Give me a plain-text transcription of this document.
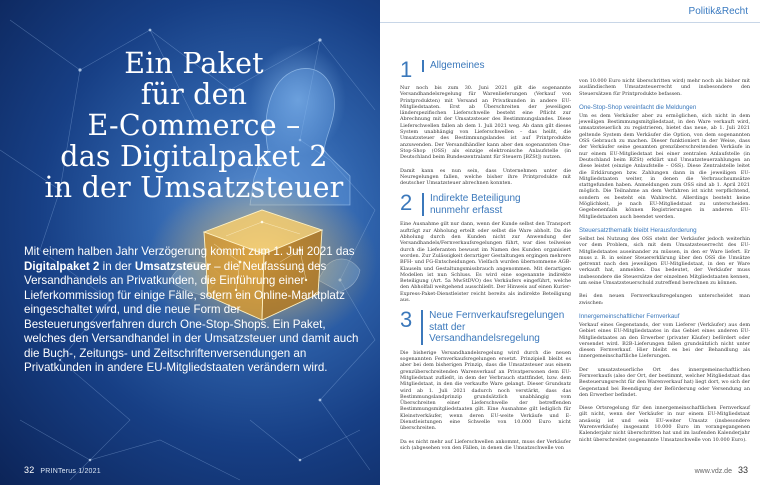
Ein Paket
für den
E-Commerce –
das Digitalpaket 2
in der Umsatzsteuer
Mit einem halben Jahr Verzögerung kommt zum 1. Juli 2021 das Digitalpaket 2 in der Umsatzsteuer – die Neufassung des Versandhandels an Privatkunden, die Einführung einer Lieferkommission für einige Fälle, sofern ein Online-Marktplatz eingeschaltet wird, und die neue Form der Besteuerungsverfahren durch One-Stop-Shops. Ein Paket, welches den Versandhandel in der Umsatzsteuer und damit auch die Buch-, Zeitungs- und Zeitschriftenversendungen an Privatkunden in andere EU-Mitgliedstaaten verändern wird.
32 PRINTerus 1/2021
Politik&Recht
1	Allgemeines

Nur noch bis zum 30. Juni 2021 gilt die sogenannte Versandhandelsregelung für Warenlieferungen (Verkauf von Printprodukten) mit Versand an Privatkunden in andere EU-Mitgliedstaaten. Erst ab Überschreiten der jeweiligen länderspezifischen Lieferschwelle besteht eine Pflicht zur Abrechnung mit der Umsatzsteuer des Bestimmungslandes. Diese Lieferschwellen fallen ab dem 1. Juli 2021 weg. Ab dann gilt dieses System unabhängig von Lieferschwellen – das heißt, die Umsatzsteuer des Bestimmungslandes ist auf Printprodukte anzuwenden. Der Versandhändler kann aber den sogenannten One-Stop-Shop (OSS) als einzige elektronische Anlaufstelle (in Deutschland beim Bundeszentralamt für Steuern [BZSt]) nutzen.

Damit kann es nun sein, dass Unternehmen unter die Neuregelungen fallen, welche bisher ihre Printprodukte mit deutscher Umsatzsteuer abrechnen konnten.

2	Indirekte Beteiligung
nunmehr erfasst

Eine Ausnahme gilt nur dann, wenn der Kunde selbst den Transport aufträgt zur Abholung erteilt oder selbst die Ware abholt. Da die Abholung durch den Kunden nicht zur Anwendung der Versandhandels/Fernverkaufsregelungen führt, war dies teilweise durch die Lieferanten bewusst im Namen des Kunden organisiert worden. Zur Zulässigkeit derartiger Gestaltungen ergingen mehrere BFH- und FG-Entscheidungen. Vielfach wurden übernommene AGB-Klauseln und Gestaltungsmissbrauch angenommen. Mit derartigen Modellen ist nun Schluss. Es wird eine sogenannte indirekte Beteiligung (Art. 5a MwStDVO) des Verkäufers eingeführt, welche den Abholfall weitgehend ausschließt. Der Hinweis auf einen Kurier-Express-Paket-Dienstleister reicht bereits als indirekte Beteiligung aus.

3	Neue Fernverkaufsregelungen
statt der Versandhandelsregelung

Die bisherige Versandhandelsregelung wird durch die neuen sogenannten Fernverkaufsregelungen ersetzt. Prinzipiell bleibt es aber bei dem bisherigen Prinzip, dass die Umsatzsteuer aus einem grenzüberschreitenden Warenverkauf an Privatpersonen dem EU-Mitgliedstaat zufließt, in dem der Verbrauch stattfindet, bzw. dem Mitgliedstaat, in den die verkaufte Ware gelangt. Dieser Grundsatz wird ab 1. Juli 2021 dadurch noch verstärkt, dass das Bestimmungslandprinzip grundsätzlich unabhängig vom Überschreiten einer Lieferschwelle der betreffenden Bestimmungsmitgliedstaaten gilt. Eine Ausnahme gilt lediglich für Kleinstverkäufer, wenn deren EU-weite Verkäufe und E-Dienstleistungen eine Schwelle von 10.000 Euro nicht überschreiten.

Da es nicht mehr auf Lieferschwellen ankommt, muss der Verkäufer sich (abgesehen von den Fällen, in denen die Umsatzschwelle von

von 10.000 Euro nicht überschritten wird) mehr noch als bisher mit ausländischem Umsatzsteuerrecht und insbesondere den Steuersätzen für Printprodukte befassen.

One-Stop-Shop vereinfacht die Meldungen

Um es dem Verkäufer aber zu ermöglichen, sich nicht in dem jeweiligen Bestimmungsmitgliedstaat, in den Ware verkauft wird, umsatzsteuerlich zu registrieren, bietet das neue, ab 1. Juli 2021 geltende System dem Verkäufer die Option, von dem sogenannten OSS Gebrauch zu machen. Dieser funktioniert in der Weise, dass der Verkäufer seine gesamten grenzüberschreitenden Verkäufe in nur einem EU-Mitgliedstaat bei einer zentralen Anlaufstelle (in Deutschland beim BZSt) erklärt und Umsatzsteuerzahlungen an diese leistet (einzige Anlaufstelle – OSS). Diese Zentralstelle leitet die Erklärungen bzw. Zahlungen dann in die jeweiligen EU-Mitgliedstaaten weiter, in denen die Verbrauchsumsätze stattgefunden haben. Anmeldungen zum OSS sind ab 1. April 2021 möglich. Die Teilnahme an dem Verfahren ist nicht verpflichtend, sondern es besteht ein Wahlrecht. Allerdings besteht keine Möglichkeit, je nach EU-Mitgliedstaat zu unterscheiden. Gegebenenfalls können Registrierungen in anderen EU-Mitgliedstaaten auch beendet werden.

Steuersatzthematik bleibt Herausforderung

Selbst bei Nutzung des OSS steht der Verkäufer jedoch weiterhin vor dem Problem, sich mit dem Umsatzsteuerrecht des EU-Mitgliedstaates auseinander zu müssen, in den er Ware liefert. Er muss z. B. in seiner Steuererklärung über den OSS die Umsätze getrennt nach den jeweiligen EU-Mitgliedstaat, in den er Ware verkauft hat, anmelden. Das bedeutet, der Verkäufer muss insbesondere die Steuersätze der einzelnen Mitgliedstaaten kennen, um seine Umsatzsteuerschuld zutreffend berechnen zu können.

Bei den neuen Fernverkaufsregelungen unterscheidet man zwischen:

Innergemeinschaftlicher Fernverkauf

Verkauf eines Gegenstands, der vom Lieferer (Verkäufer) aus dem Gebiet eines EU-Mitgliedstaates in das Gebiet eines anderen EU-Mitgliedstaates an den Erwerber (privater Käufer) befördert oder versendet wird. B2B-Lieferungen fallen grundsätzlich nicht unter diesen Fernverkauf. Hier bleibt es bei der Behandlung als innergemeinschaftliche Lieferungen.

Der umsatzsteuerliche Ort des innergemeinschaftlichen Fernverkaufs (also der Ort, der bestimmt, welcher Mitgliedstaat das Besteuerungsrecht für den Warenverkauf hat) liegt dort, wo sich der Gegenstand bei Beendigung der Beförderung oder Versendung an den Erwerber befindet.

Diese Ortsregelung für den innergemeinschaftlichen Fernverkauf gilt nicht, wenn der Verkäufer in nur einem EU-Mitgliedstaat ansässig ist und sein EU-weiter Umsatz (insbesondere Warenverkäufe) insgesamt 10.000 Euro im vorangegangenen Kalenderjahr nicht überschritten hat und im laufenden Kalenderjahr nicht überschreitet (sogenannte Umsatzschwelle von 10.000 Euro).

www.vdz.de 33
